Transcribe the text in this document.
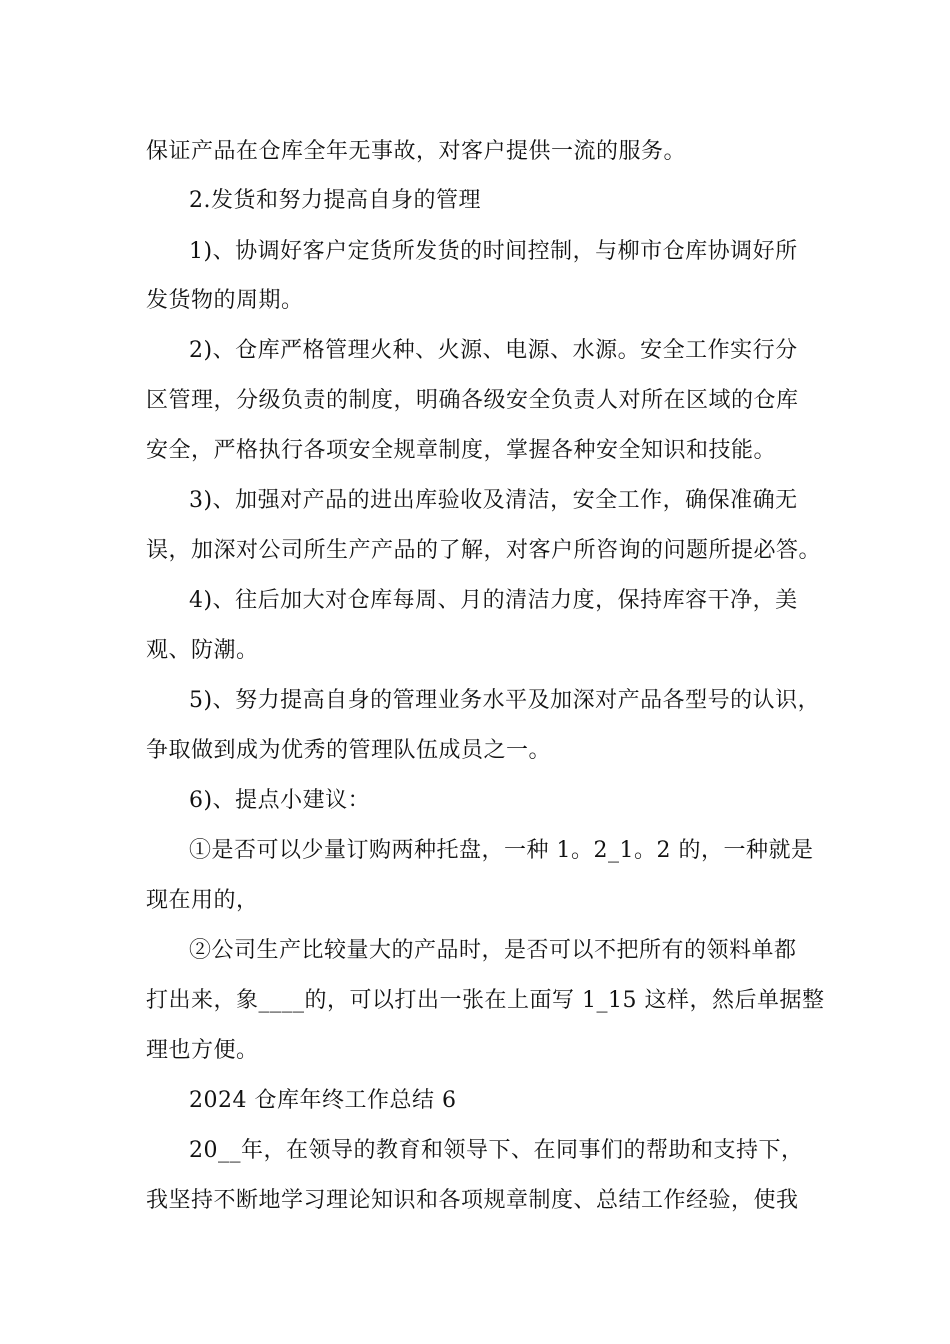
保证产品在仓库全年无事故，对客户提供一流的服务。
2.发货和努力提高自身的管理
1)、协调好客户定货所发货的时间控制，与柳市仓库协调好所
发货物的周期。
2)、仓库严格管理火种、火源、电源、水源。安全工作实行分
区管理，分级负责的制度，明确各级安全负责人对所在区域的仓库
安全，严格执行各项安全规章制度，掌握各种安全知识和技能。
3)、加强对产品的进出库验收及清洁，安全工作，确保准确无
误，加深对公司所生产产品的了解，对客户所咨询的问题所提必答。
4)、往后加大对仓库每周、月的清洁力度，保持库容干净，美
观、防潮。
5)、努力提高自身的管理业务水平及加深对产品各型号的认识，
争取做到成为优秀的管理队伍成员之一。
6)、提点小建议：
①是否可以少量订购两种托盘，一种 1。2_1。2 的，一种就是
现在用的，
②公司生产比较量大的产品时，是否可以不把所有的领料单都
打出来，象____的，可以打出一张在上面写 1_15 这样，然后单据整
理也方便。
2024 仓库年终工作总结 6
20__年，在领导的教育和领导下、在同事们的帮助和支持下，
我坚持不断地学习理论知识和各项规章制度、总结工作经验，使我
